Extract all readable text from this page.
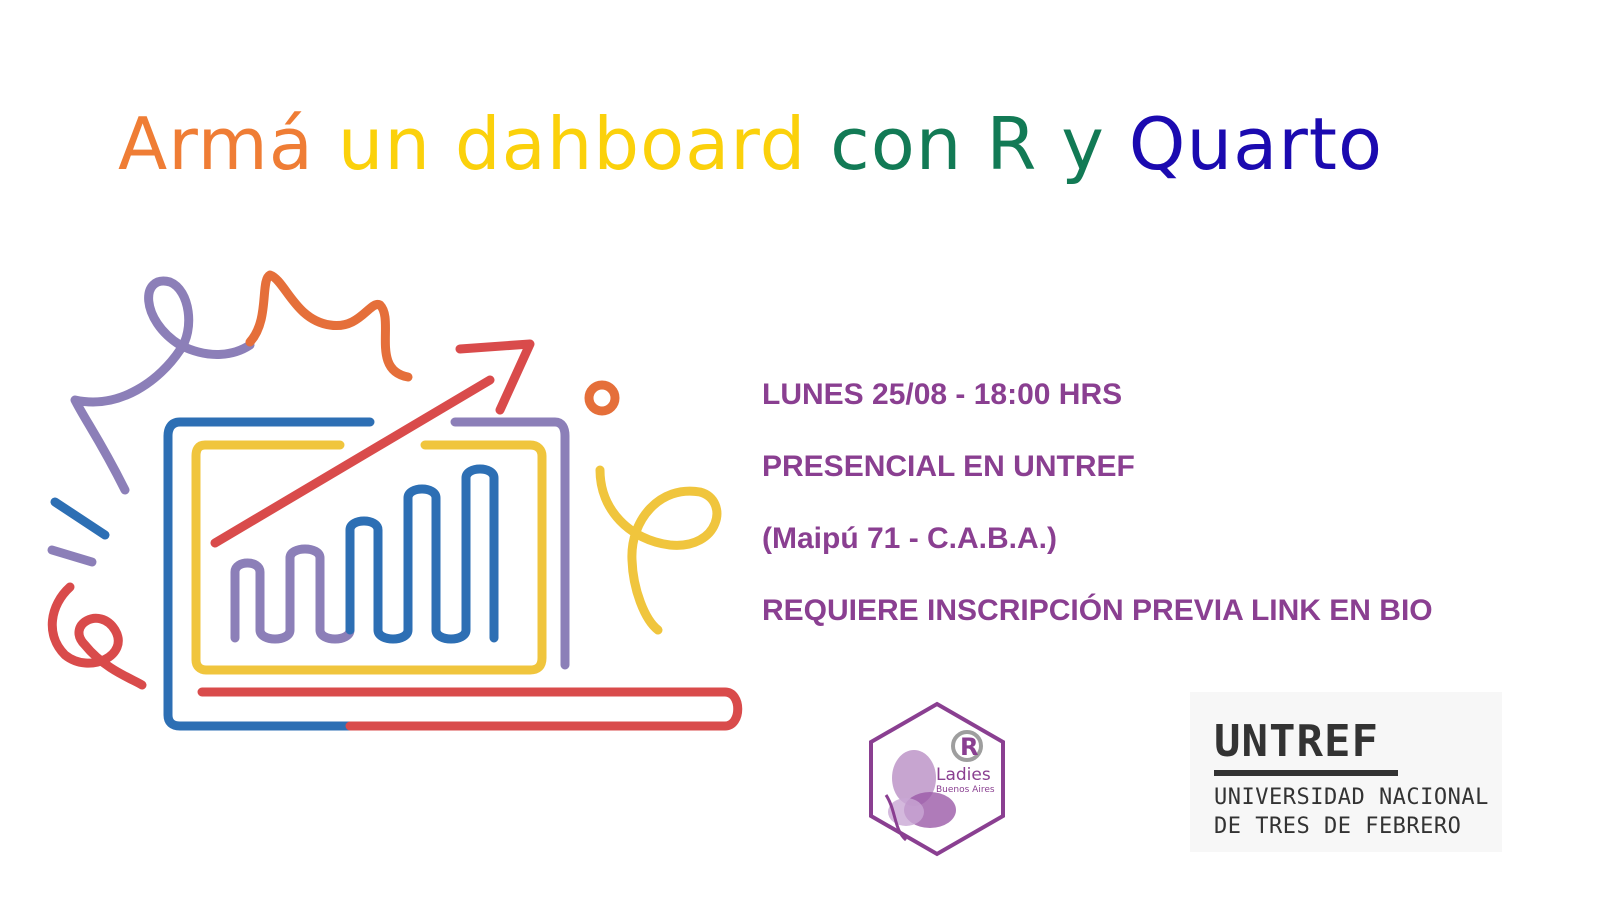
Armá un dahboard con R y Quarto
LUNES 25/08 - 18:00 HRS
PRESENCIAL EN UNTREF
(Maipú 71 - C.A.B.A.)
REQUIERE INSCRIPCIÓN PREVIA LINK EN BIO
R
Ladies
Buenos Aires
UNTREF
UNIVERSIDAD NACIONAL
DE TRES DE FEBRERO
